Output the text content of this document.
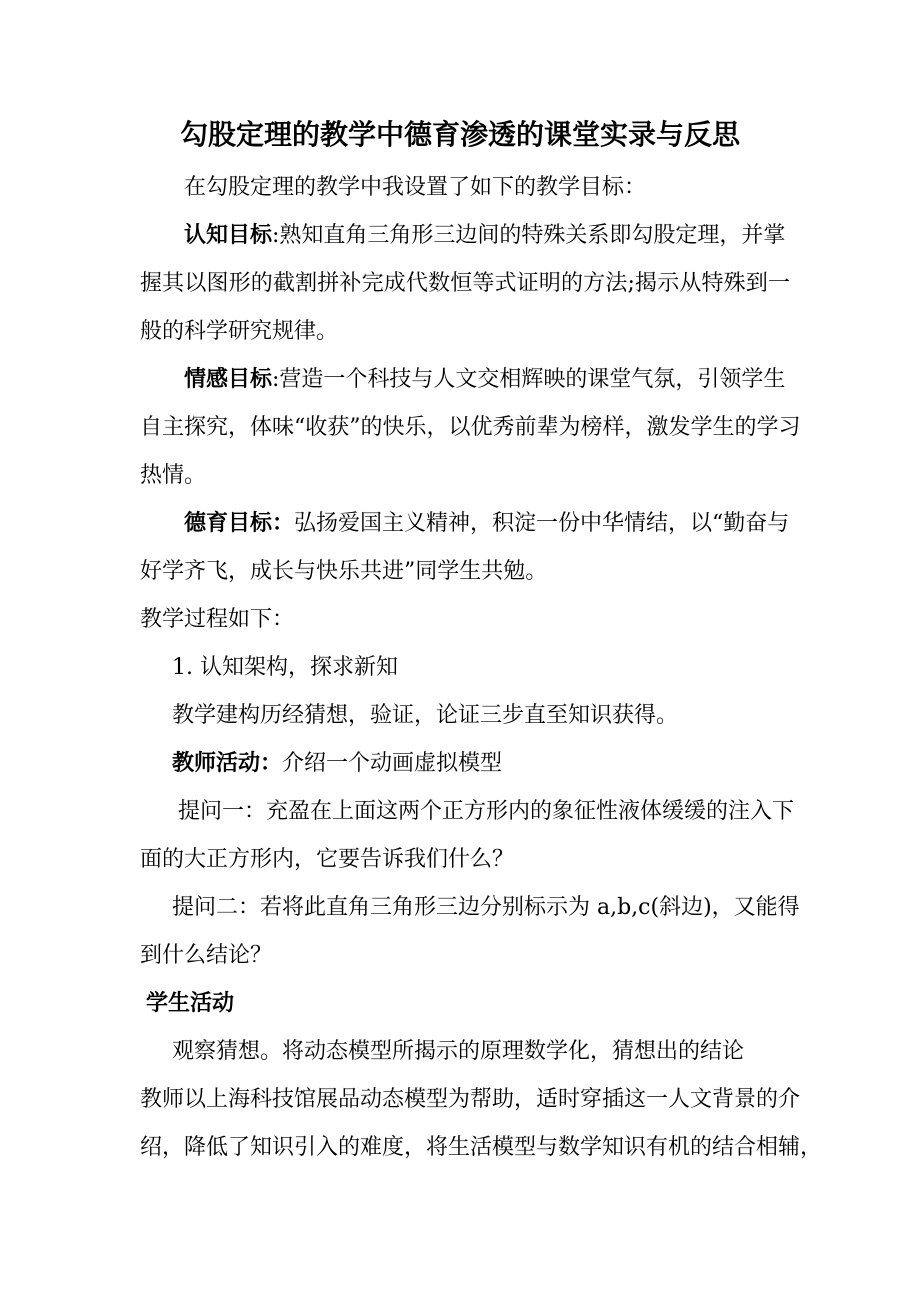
勾股定理的教学中德育渗透的课堂实录与反思
在勾股定理的教学中我设置了如下的教学目标：
认知目标:熟知直角三角形三边间的特殊关系即勾股定理，并掌
握其以图形的截割拼补完成代数恒等式证明的方法;揭示从特殊到一
般的科学研究规律。
情感目标:营造一个科技与人文交相辉映的课堂气氛，引领学生
自主探究，体味“收获”的快乐，以优秀前辈为榜样，激发学生的学习
热情。
德育目标：弘扬爱国主义精神，积淀一份中华情结，以“勤奋与
好学齐飞，成长与快乐共进”同学生共勉。
教学过程如下：
1. 认知架构，探求新知
教学建构历经猜想，验证，论证三步直至知识获得。
教师活动：介绍一个动画虚拟模型
提问一：充盈在上面这两个正方形内的象征性液体缓缓的注入下
面的大正方形内，它要告诉我们什么？
提问二：若将此直角三角形三边分别标示为 a,b,c(斜边)，又能得
到什么结论？
学生活动
观察猜想。将动态模型所揭示的原理数学化，猜想出的结论
教师以上海科技馆展品动态模型为帮助，适时穿插这一人文背景的介
绍，降低了知识引入的难度，将生活模型与数学知识有机的结合相辅，
